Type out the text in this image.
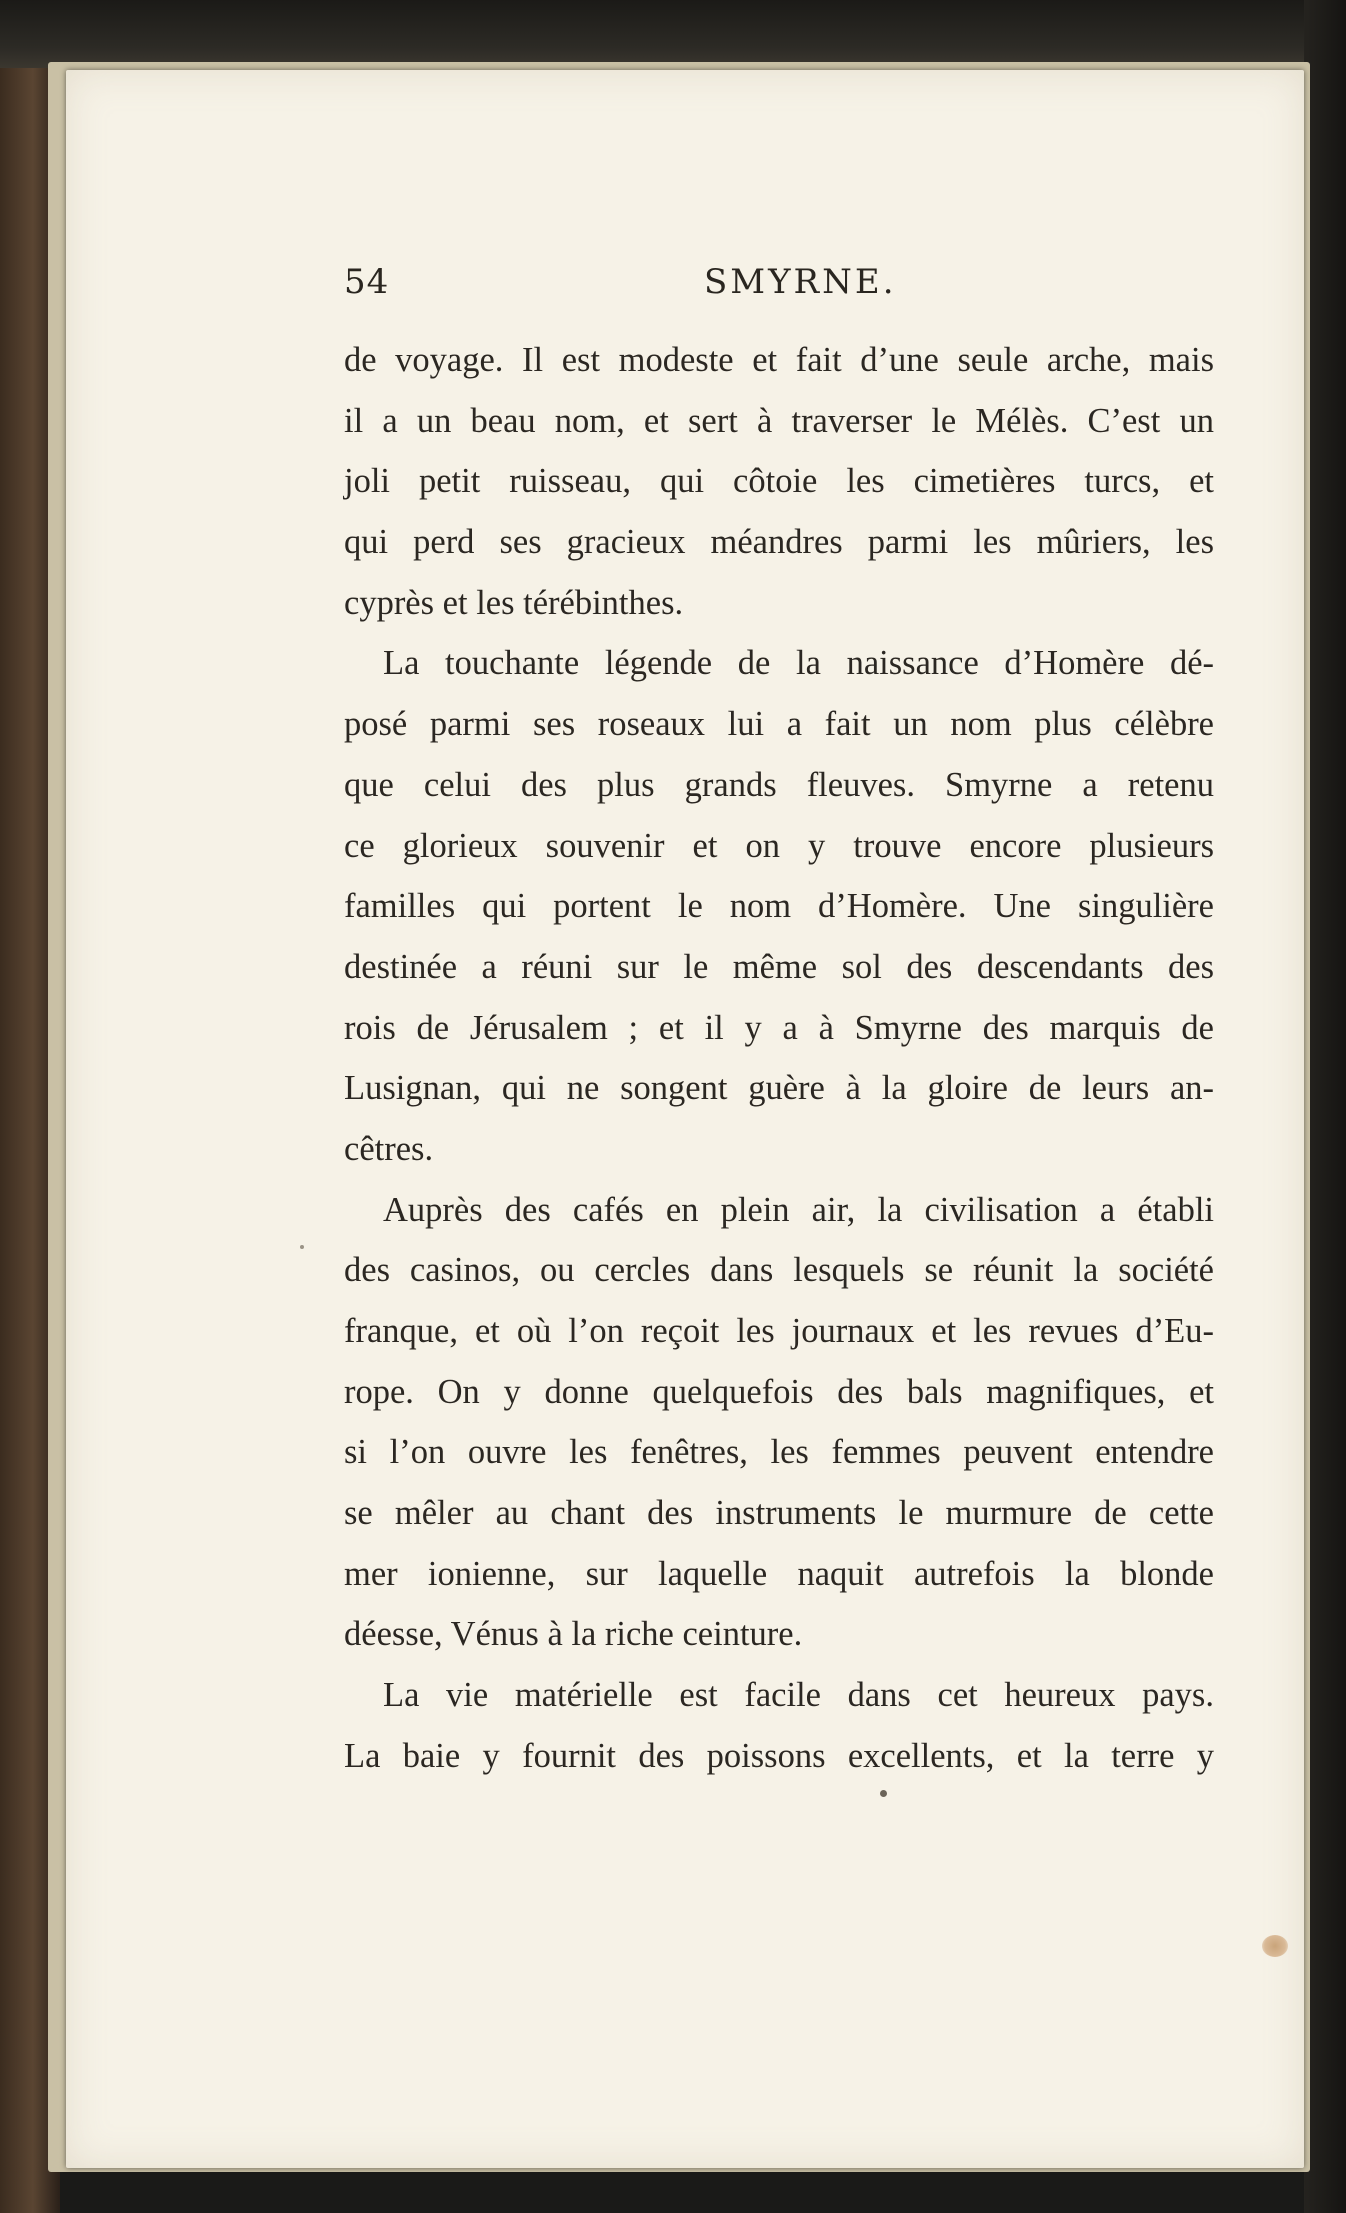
54	SMYRNE.
de voyage. Il est modeste et fait d’une seule arche, mais
il a un beau nom, et sert à traverser le Mélès. C’est un
joli petit ruisseau, qui côtoie les cimetières turcs, et
qui perd ses gracieux méandres parmi les mûriers, les
cyprès et les térébinthes.
La touchante légende de la naissance d’Homère dé-
posé parmi ses roseaux lui a fait un nom plus célèbre
que celui des plus grands fleuves. Smyrne a retenu
ce glorieux souvenir et on y trouve encore plusieurs
familles qui portent le nom d’Homère. Une singulière
destinée a réuni sur le même sol des descendants des
rois de Jérusalem ; et il y a à Smyrne des marquis de
Lusignan, qui ne songent guère à la gloire de leurs an-
cêtres.
Auprès des cafés en plein air, la civilisation a établi
des casinos, ou cercles dans lesquels se réunit la société
franque, et où l’on reçoit les journaux et les revues d’Eu-
rope. On y donne quelquefois des bals magnifiques, et
si l’on ouvre les fenêtres, les femmes peuvent entendre
se mêler au chant des instruments le murmure de cette
mer ionienne, sur laquelle naquit autrefois la blonde
déesse, Vénus à la riche ceinture.
La vie matérielle est facile dans cet heureux pays.
La baie y fournit des poissons excellents, et la terre y
